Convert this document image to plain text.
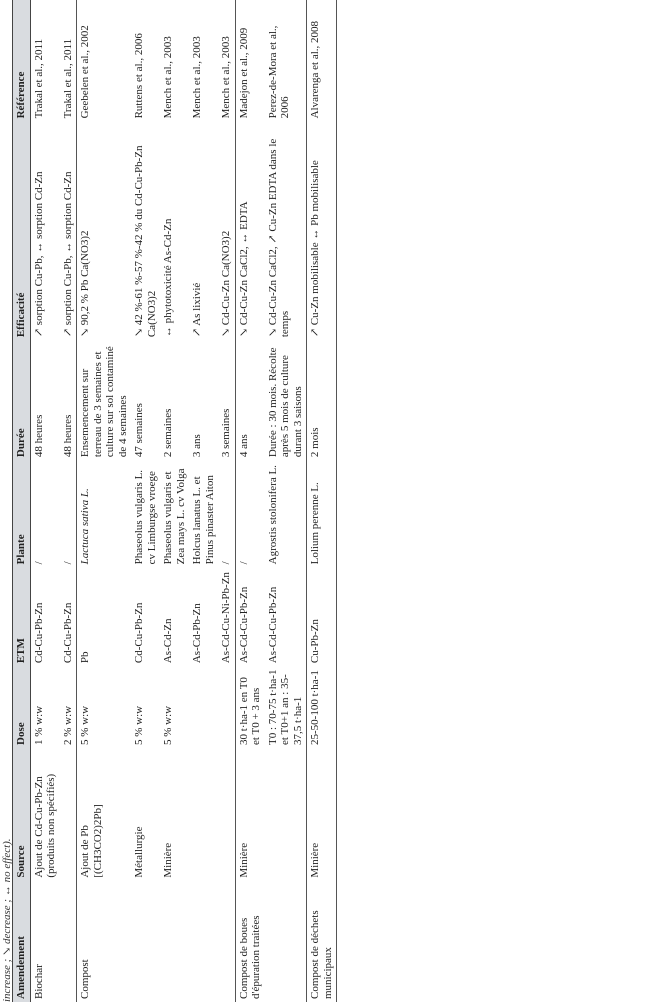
increase ; ↘ decrease ; ↔ no effect). Amendement	Source	Dose	ETM	Plante	Durée	Efficacité	Référence
Biochar	Ajout de Cd-Cu-Pb-Zn (produits non spécifiés)	1 % w:w	Cd-Cu-Pb-Zn	/	48 heures	↗ sorption Cu-Pb, ↔ sorption Cd-Zn	Trakal et al., 2011
		2 % w:w	Cd-Cu-Pb-Zn	/	48 heures	↗ sorption Cu-Pb, ↔ sorption Cd-Zn	Trakal et al., 2011
Compost	Ajout de Pb [(CH3CO2)2Pb]	5 % w:w	Pb	Lactuca sativa L.	Ensemencement sur terreau de 3 semaines et culture sur sol contaminé de 4 semaines	↘ 90,2 % Pb Ca(NO3)2	Geebelen et al., 2002
	Métallurgie	5 % w:w	Cd-Cu-Pb-Zn	Phaseolus vulgaris L. cv Limburgse vroege	47 semaines	↘ 42 %-61 %-57 %-42 % du Cd-Cu-Pb-Zn Ca(NO3)2	Ruttens et al., 2006
	Minière	5 % w:w	As-Cd-Zn	Phaseolus vulgaris et Zea mays L. cv Volga	2 semaines	↔ phytotoxicité As-Cd-Zn	Mench et al., 2003
			As-Cd-Pb-Zn	Holcus lanatus L. et Pinus pinaster Aiton	3 ans	↗ As lixivié	Mench et al., 2003
			As-Cd-Cu-Ni-Pb-Zn	/	3 semaines	↘ Cd-Cu-Zn Ca(NO3)2	Mench et al., 2003
Compost de boues d'épuration traitées	Minière	30 t·ha-1 en T0 et T0 + 3 ans	As-Cd-Cu-Pb-Zn	/	4 ans	↘ Cd-Cu-Zn CaCl2, ↔ EDTA	Madejon et al., 2009
		T0 : 70-75 t·ha-1 et T0+1 an : 35-37,5 t·ha-1	As-Cd-Cu-Pb-Zn	Agrostis stolonifera L.	Durée : 30 mois. Récolte après 5 mois de culture durant 3 saisons	↘ Cd-Cu-Zn CaCl2, ↗ Cu-Zn EDTA dans le temps	Perez-de-Mora et al., 2006
Compost de déchets municipaux	Minière	25-50-100 t·ha-1	Cu-Pb-Zn	Lolium perenne L.	2 mois	↗ Cu-Zn mobilisable ↔ Pb mobilisable	Alvarenga et al., 2008
